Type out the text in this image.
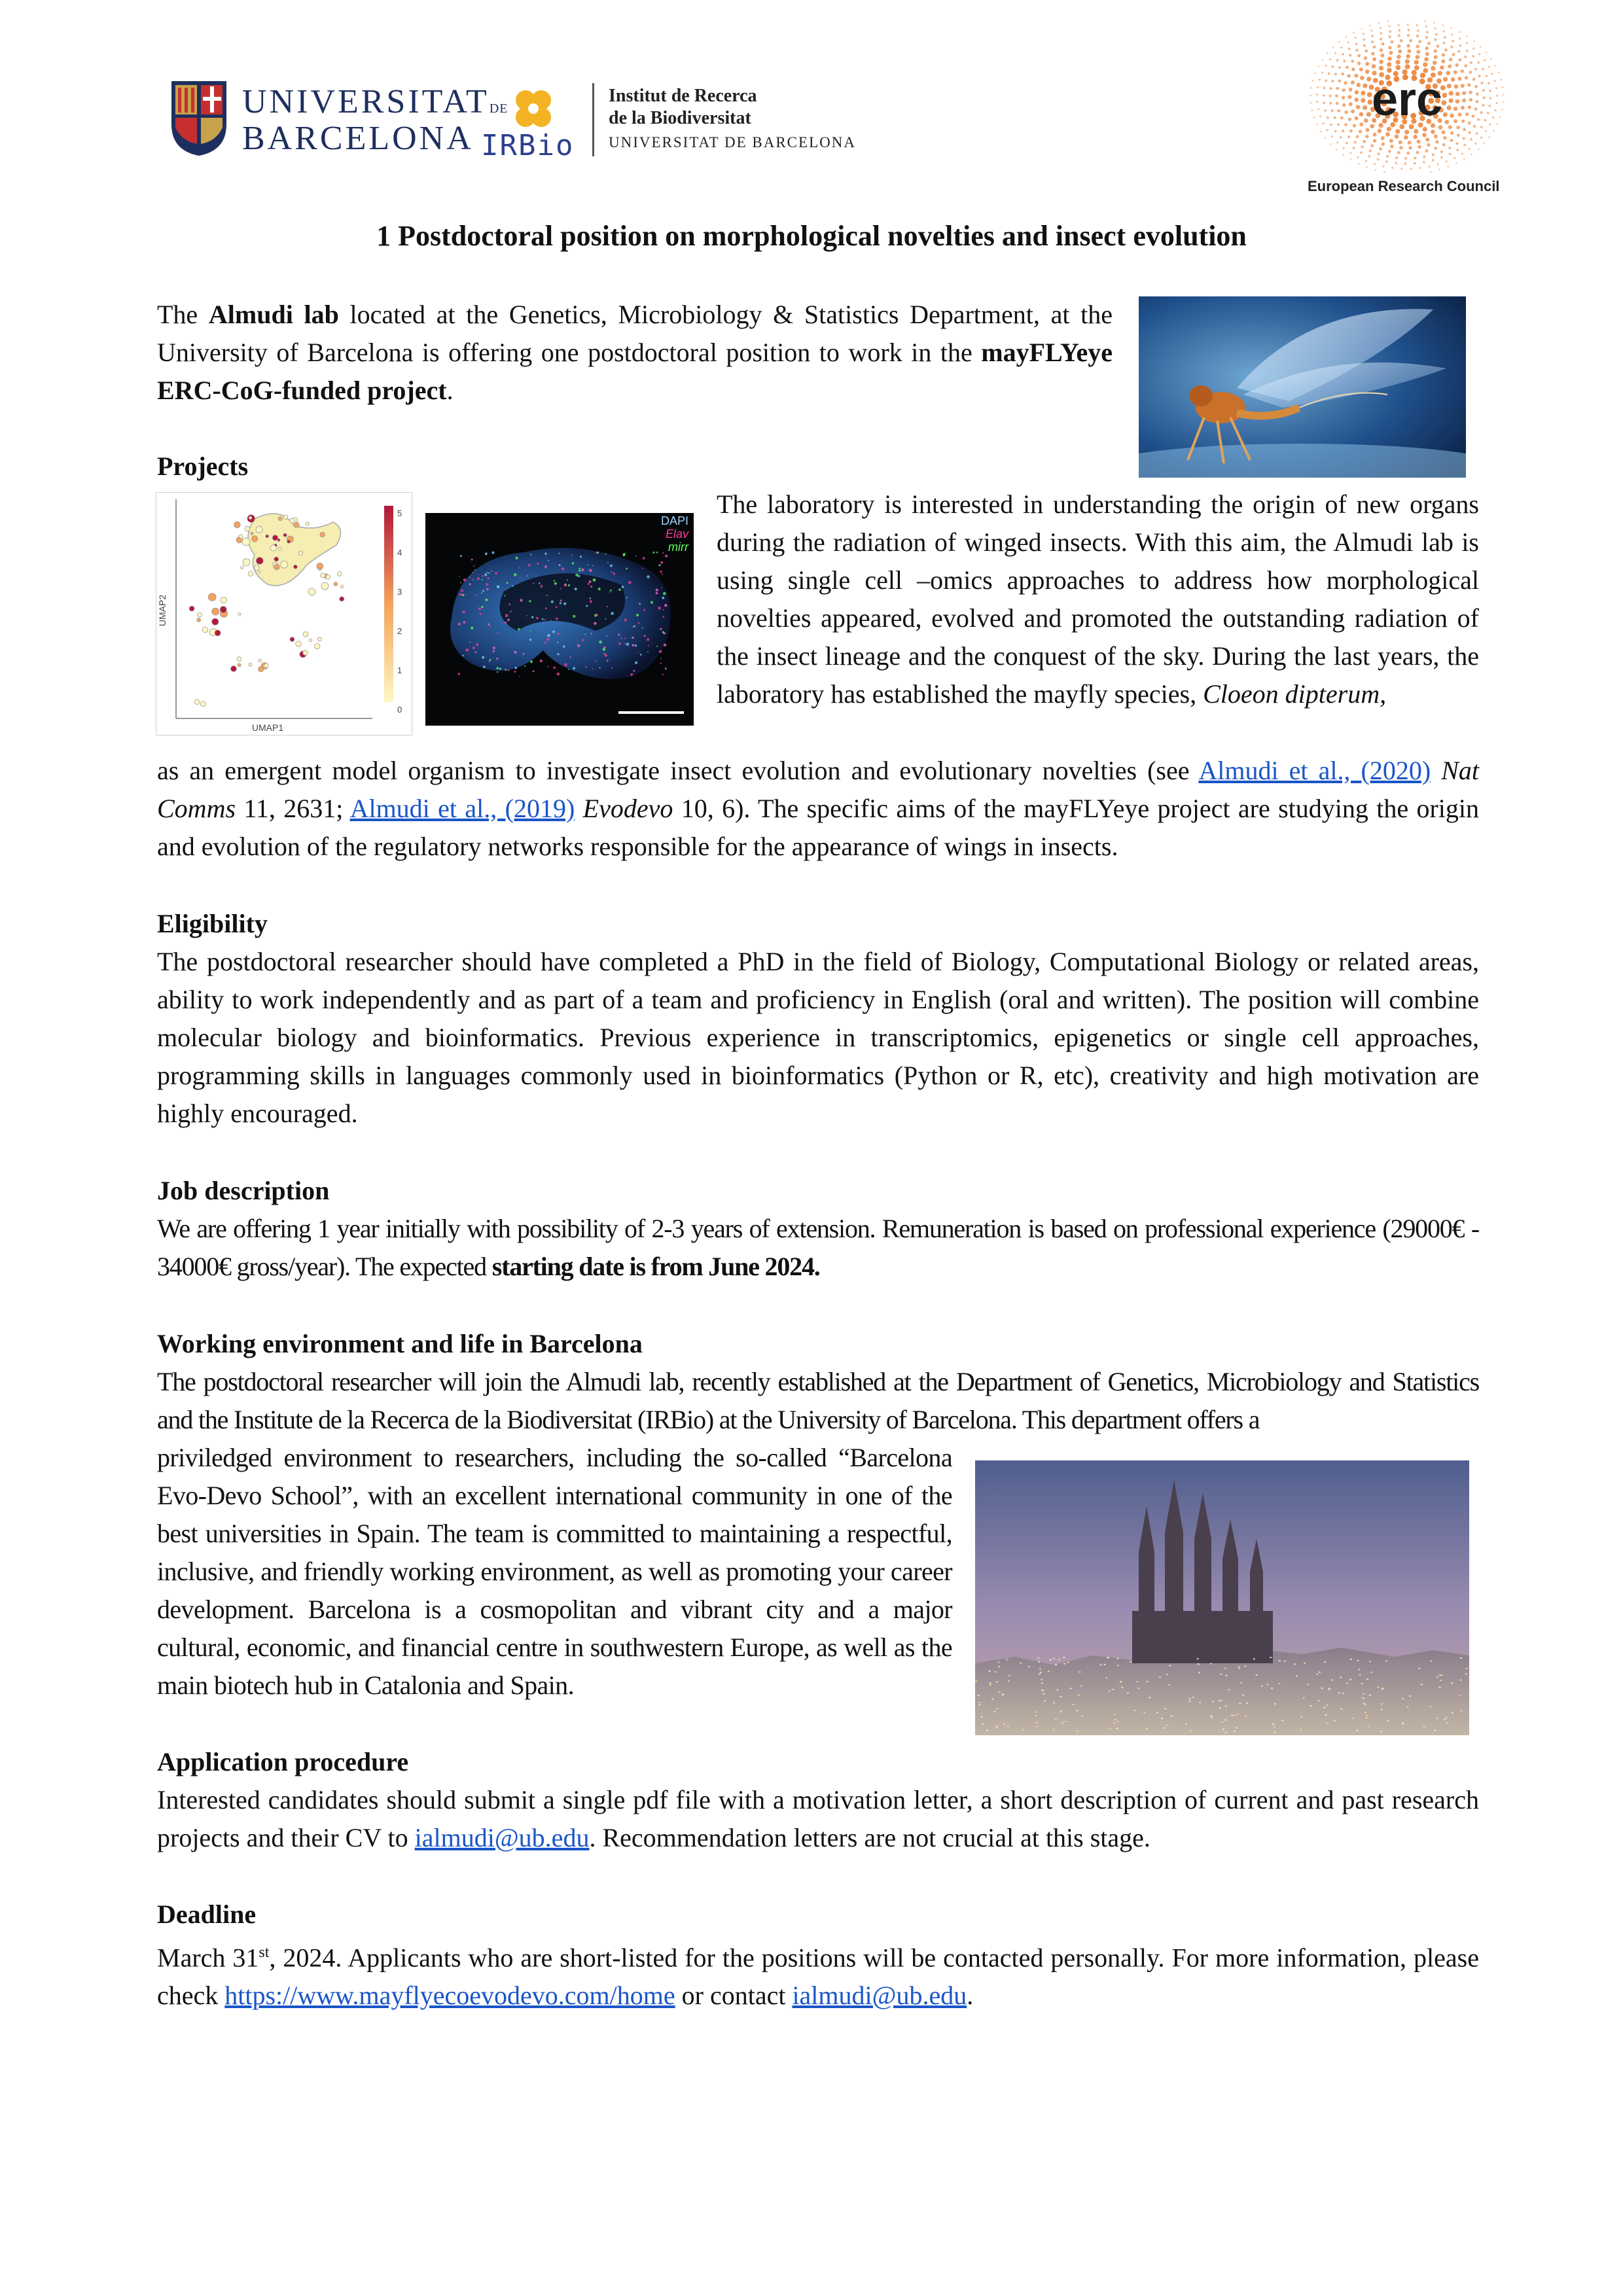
UNIVERSITATDE
BARCELONA IRBio
Institut de Recerca
de la Biodiversitat
UNIVERSITAT DE BARCELONA
erc
European Research Council
1 Postdoctoral position on morphological novelties and insect evolution
The Almudi lab located at the Genetics, Microbiology & Statistics Department, at the University of Barcelona is offering one postdoctoral position to work in the mayFLYeye ERC-CoG-funded project.
Projects
5
4
3
2
1
0
UMAP1
UMAP2
DAPI
Elav
mirr
The laboratory is interested in understanding the origin of new organs during the radiation of winged insects. With this aim, the Almudi lab is using single cell –omics approaches to address how morphological novelties appeared, evolved and promoted the outstanding radiation of the insect lineage and the conquest of the sky. During the last years, the laboratory has established the mayfly species, Cloeon dipterum,
as an emergent model organism to investigate insect evolution and evolutionary novelties (see Almudi et al., (2020) Nat Comms 11, 2631; Almudi et al., (2019) Evodevo 10, 6). The specific aims of the mayFLYeye project are studying the origin and evolution of the regulatory networks responsible for the appearance of wings in insects.
Eligibility
The postdoctoral researcher should have completed a PhD in the field of Biology, Computational Biology or related areas, ability to work independently and as part of a team and proficiency in English (oral and written). The position will combine molecular biology and bioinformatics. Previous experience in transcriptomics, epigenetics or single cell approaches, programming skills in languages commonly used in bioinformatics (Python or R, etc), creativity and high motivation are highly encouraged.
Job description
We are offering 1 year initially with possibility of 2-3 years of extension. Remuneration is based on professional experience (29000€ - 34000€ gross/year). The expected starting date is from June 2024.
Working environment and life in Barcelona
The postdoctoral researcher will join the Almudi lab, recently established at the Department of Genetics, Microbiology and Statistics and the Institute de la Recerca de la Biodiversitat (IRBio) at the University of Barcelona. This department offers a
priviledged environment to researchers, including the so-called “Barcelona Evo-Devo School”, with an excellent international community in one of the best universities in Spain. The team is committed to maintaining a respectful, inclusive, and friendly working environment, as well as promoting your career development. Barcelona is a cosmopolitan and vibrant city and a major cultural, economic, and financial centre in southwestern Europe, as well as the main biotech hub in Catalonia and Spain.
Application procedure
Interested candidates should submit a single pdf file with a motivation letter, a short description of current and past research projects and their CV to ialmudi@ub.edu. Recommendation letters are not crucial at this stage.
Deadline
March 31st, 2024. Applicants who are short-listed for the positions will be contacted personally. For more information, please check https://www.mayflyecoevodevo.com/home or contact ialmudi@ub.edu.
